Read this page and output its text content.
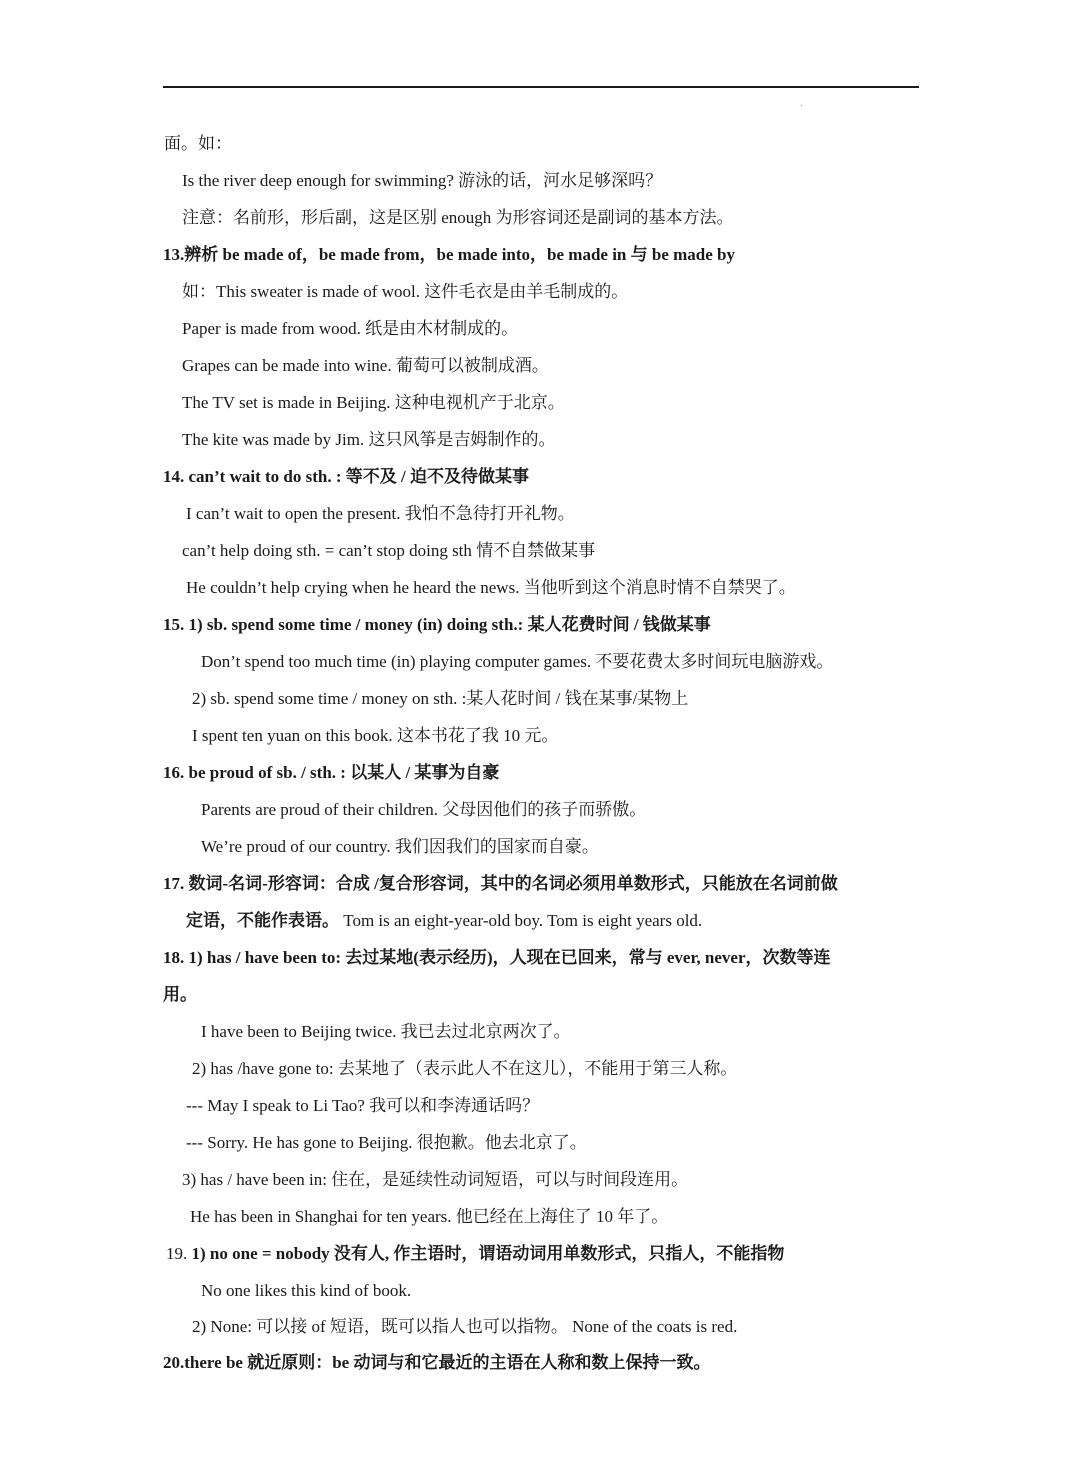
.
面。如：
Is the river deep enough for swimming? 游泳的话，河水足够深吗？
注意：名前形，形后副，这是区别 enough 为形容词还是副词的基本方法。
13.辨析 be made of，be made from，be made into，be made in 与 be made by
如：This sweater is made of wool. 这件毛衣是由羊毛制成的。
Paper is made from wood. 纸是由木材制成的。
Grapes can be made into wine. 葡萄可以被制成酒。
The TV set is made in Beijing. 这种电视机产于北京。
The kite was made by Jim. 这只风筝是吉姆制作的。
14. can’t wait to do sth. : 等不及 / 迫不及待做某事
I can’t wait to open the present. 我怕不急待打开礼物。
can’t help doing sth. = can’t stop doing sth 情不自禁做某事
He couldn’t help crying when he heard the news. 当他听到这个消息时情不自禁哭了。
15. 1) sb. spend some time / money (in) doing sth.: 某人花费时间 / 钱做某事
Don’t spend too much time (in) playing computer games. 不要花费太多时间玩电脑游戏。
2) sb. spend some time / money on sth. :某人花时间 / 钱在某事/某物上
I spent ten yuan on this book. 这本书花了我 10 元。
16. be proud of sb. / sth. : 以某人 / 某事为自豪
Parents are proud of their children. 父母因他们的孩子而骄傲。
We’re proud of our country. 我们因我们的国家而自豪。
17. 数词-名词-形容词：合成 /复合形容词，其中的名词必须用单数形式，只能放在名词前做
定语，不能作表语。 Tom is an eight-year-old boy. Tom is eight years old.
18. 1) has / have been to: 去过某地(表示经历)，人现在已回来，常与 ever, never，次数等连
用。
I have been to Beijing twice. 我已去过北京两次了。
2) has /have gone to: 去某地了（表示此人不在这儿），不能用于第三人称。
--- May I speak to Li Tao? 我可以和李涛通话吗？
--- Sorry. He has gone to Beijing. 很抱歉。他去北京了。
3) has / have been in: 住在，是延续性动词短语，可以与时间段连用。
He has been in Shanghai for ten years. 他已经在上海住了 10 年了。
19. 1) no one = nobody 没有人, 作主语时，谓语动词用单数形式，只指人，不能指物
No one likes this kind of book.
2) None: 可以接 of 短语，既可以指人也可以指物。 None of the coats is red.
20.there be 就近原则：be 动词与和它最近的主语在人称和数上保持一致。
